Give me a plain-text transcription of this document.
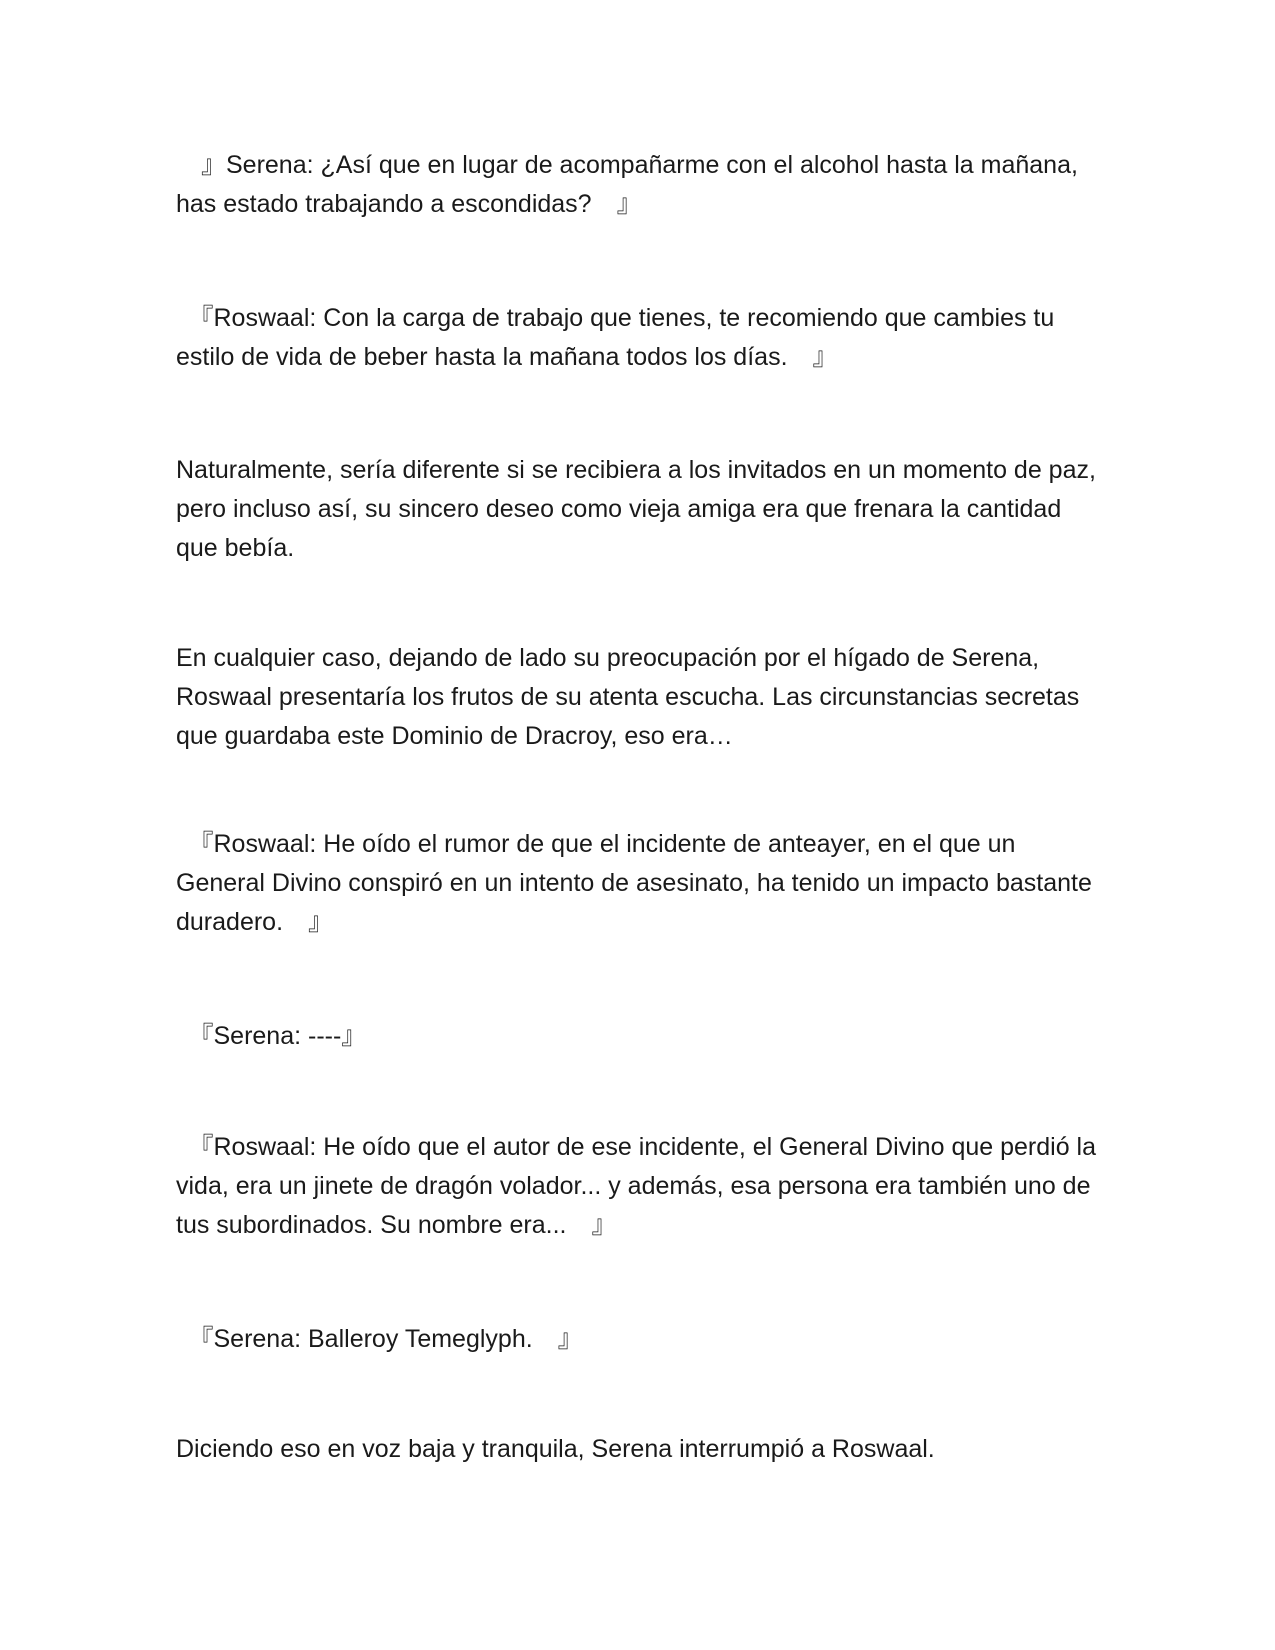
　』Serena: ¿Así que en lugar de acompañarme con el alcohol hasta la mañana, has estado trabajando a escondidas?　』

　『Roswaal: Con la carga de trabajo que tienes, te recomiendo que cambies tu estilo de vida de beber hasta la mañana todos los días.　』

Naturalmente, sería diferente si se recibiera a los invitados en un momento de paz, pero incluso así, su sincero deseo como vieja amiga era que frenara la cantidad que bebía.

En cualquier caso, dejando de lado su preocupación por el hígado de Serena, Roswaal presentaría los frutos de su atenta escucha. Las circunstancias secretas que guardaba este Dominio de Dracroy, eso era…

　『Roswaal: He oído el rumor de que el incidente de anteayer, en el que un General Divino conspiró en un intento de asesinato, ha tenido un impacto bastante duradero.　』

　『Serena: ----』

　『Roswaal: He oído que el autor de ese incidente, el General Divino que perdió la vida, era un jinete de dragón volador... y además, esa persona era también uno de tus subordinados. Su nombre era...　』

　『Serena: Balleroy Temeglyph.　』

Diciendo eso en voz baja y tranquila, Serena interrumpió a Roswaal.
